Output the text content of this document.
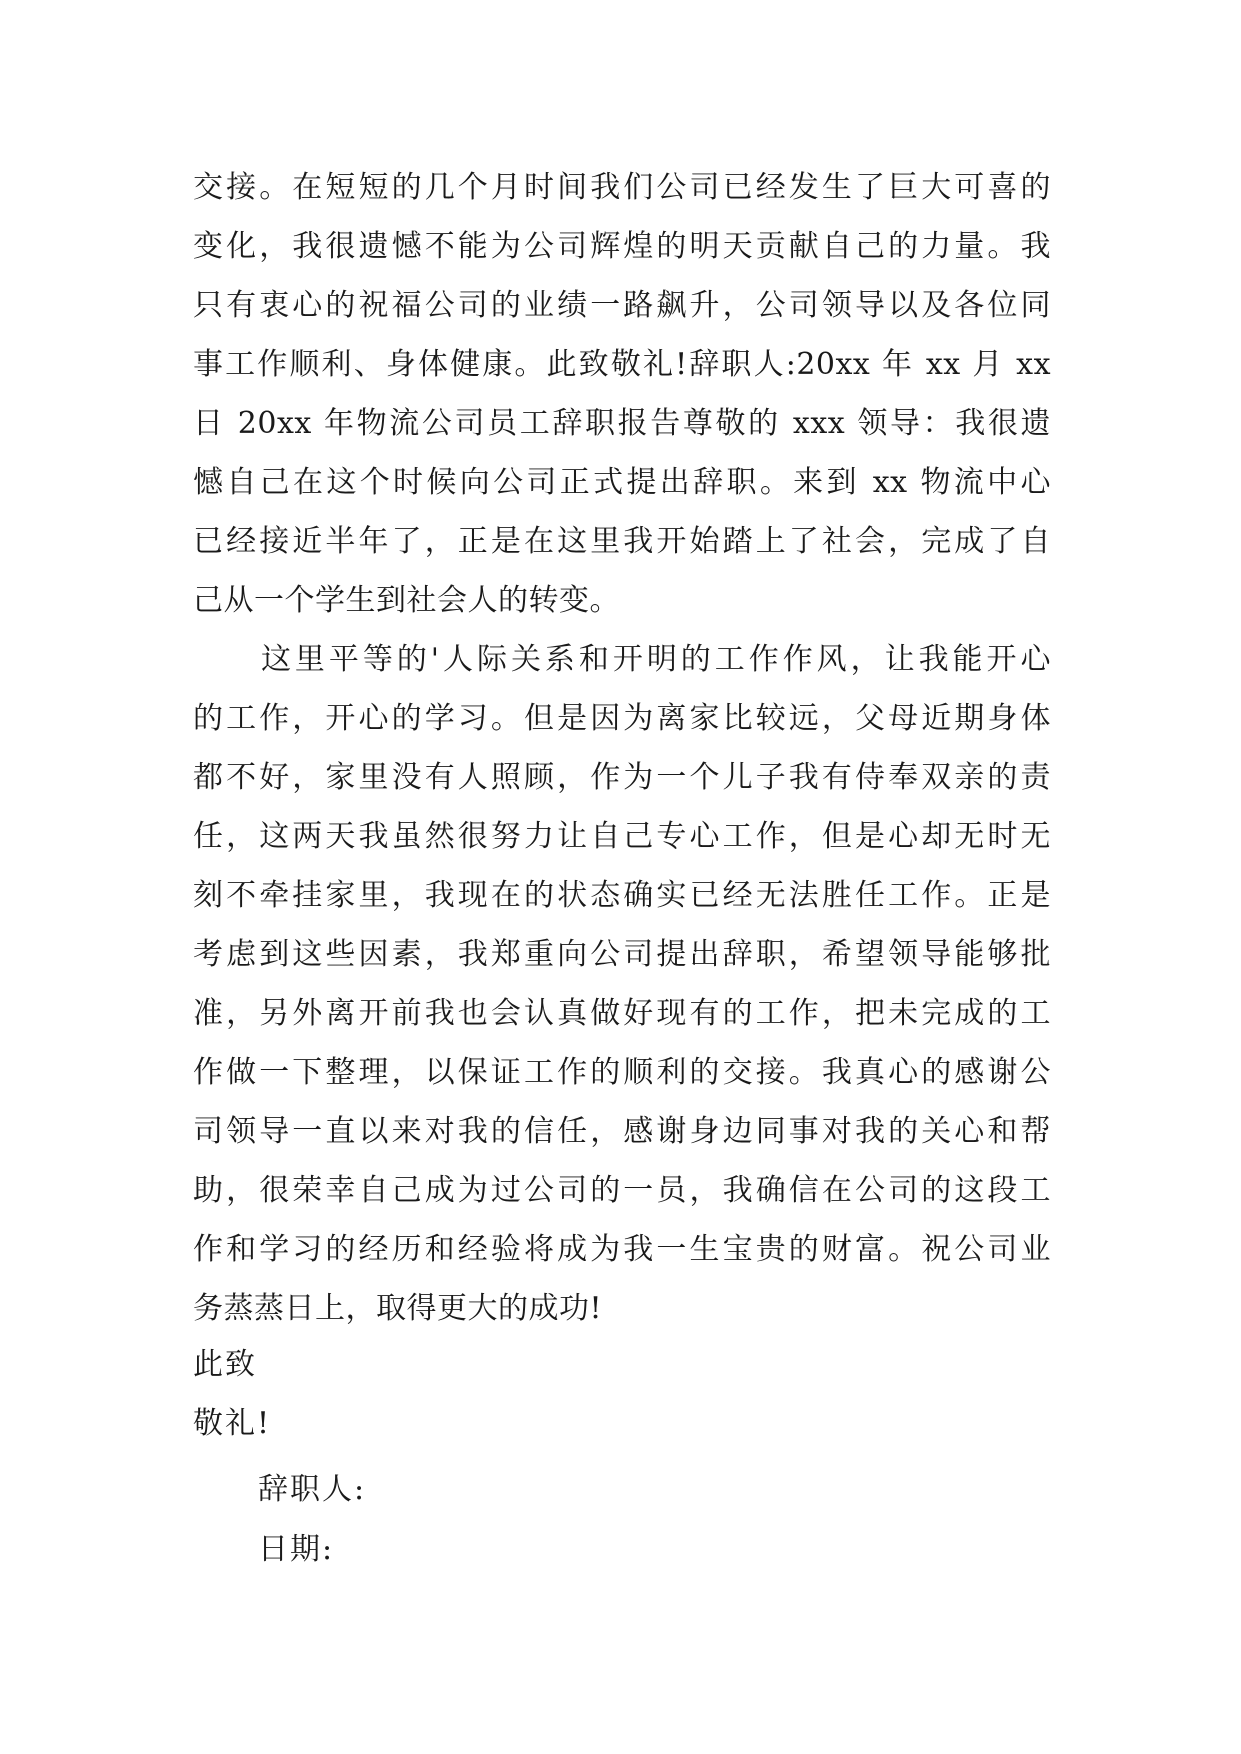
交接。在短短的几个月时间我们公司已经发生了巨大可喜的
变化，我很遗憾不能为公司辉煌的明天贡献自己的力量。我
只有衷心的祝福公司的业绩一路飙升，公司领导以及各位同
事工作顺利、身体健康。此致敬礼!辞职人:20xx 年 xx 月 xx
日 20xx 年物流公司员工辞职报告尊敬的 xxx 领导：我很遗
憾自己在这个时候向公司正式提出辞职。来到 xx 物流中心
已经接近半年了，正是在这里我开始踏上了社会，完成了自
己从一个学生到社会人的转变。
　　这里平等的'人际关系和开明的工作作风，让我能开心
的工作，开心的学习。但是因为离家比较远，父母近期身体
都不好，家里没有人照顾，作为一个儿子我有侍奉双亲的责
任，这两天我虽然很努力让自己专心工作，但是心却无时无
刻不牵挂家里，我现在的状态确实已经无法胜任工作。正是
考虑到这些因素，我郑重向公司提出辞职，希望领导能够批
准，另外离开前我也会认真做好现有的工作，把未完成的工
作做一下整理，以保证工作的顺利的交接。我真心的感谢公
司领导一直以来对我的信任，感谢身边同事对我的关心和帮
助，很荣幸自己成为过公司的一员，我确信在公司的这段工
作和学习的经历和经验将成为我一生宝贵的财富。祝公司业
务蒸蒸日上，取得更大的成功!
此致
敬礼!
辞职人:
日期:
